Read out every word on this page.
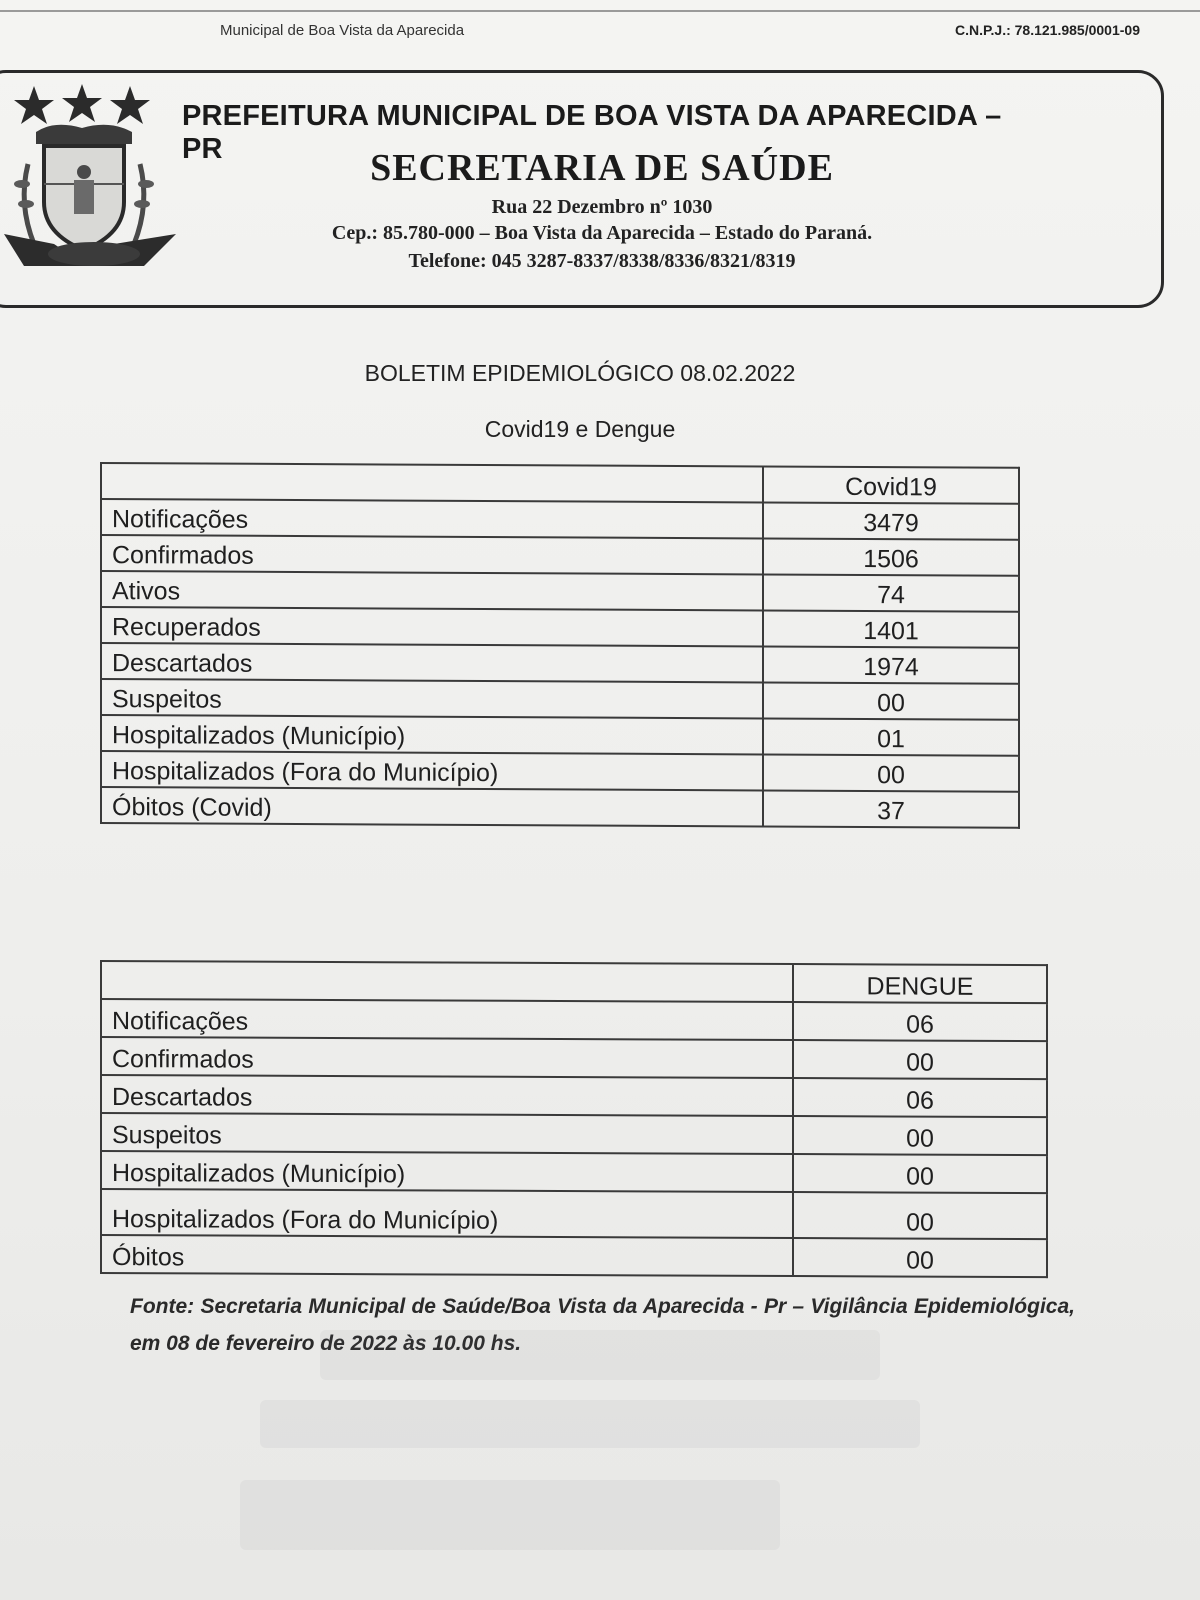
Municipal de Boa Vista da Aparecida	C.N.P.J.: 78.121.985/0001-09
PREFEITURA MUNICIPAL DE BOA VISTA DA APARECIDA – PR	SECRETARIA DE SAÚDE
Rua 22 Dezembro nº 1030
Cep.: 85.780-000 – Boa Vista da Aparecida – Estado do Paraná.
Telefone: 045 3287-8337/8338/8336/8321/8319
BOLETIM EPIDEMIOLÓGICO 08.02.2022
Covid19 e Dengue
	Covid19
Notificações	3479
Confirmados	1506
Ativos	74
Recuperados	1401
Descartados	1974
Suspeitos	00
Hospitalizados (Município)	01
Hospitalizados (Fora do Município)	00
Óbitos (Covid)	37
	DENGUE
Notificações	06
Confirmados	00
Descartados	06
Suspeitos	00
Hospitalizados (Município)	00
Hospitalizados (Fora do Município)	00
Óbitos	00
Fonte: Secretaria Municipal de Saúde/Boa Vista da Aparecida - Pr – Vigilância Epidemiológica, em 08 de fevereiro de 2022 às 10.00 hs.
